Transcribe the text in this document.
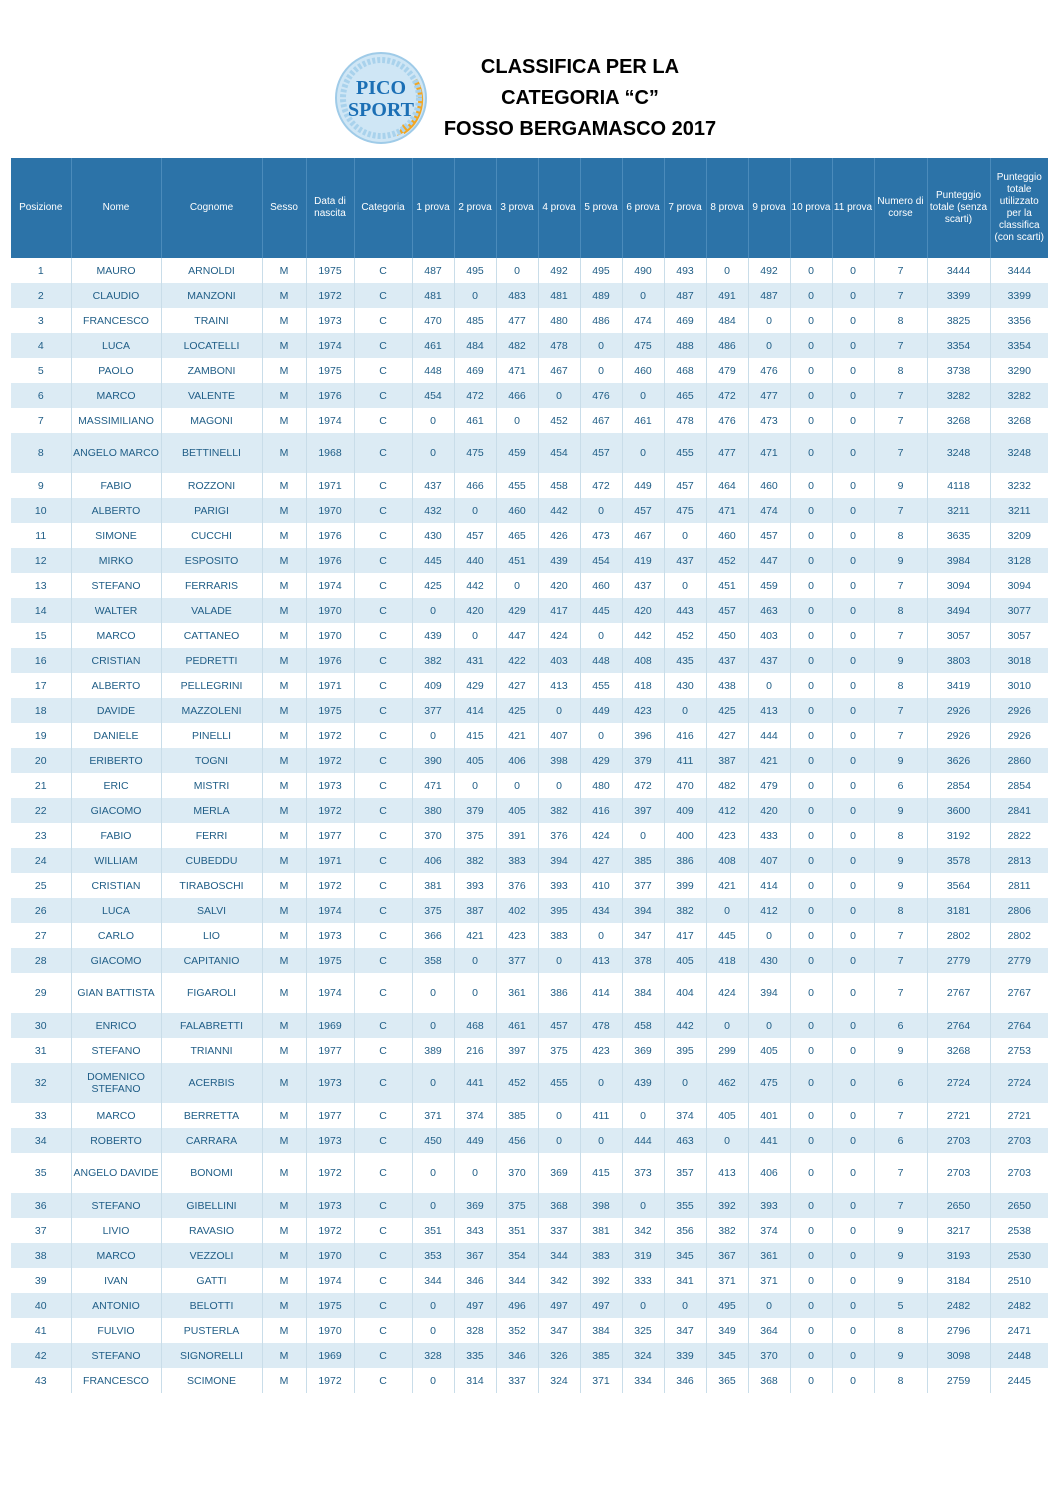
PICO
SPORT
CLASSIFICA PER LA
CATEGORIA “C”
FOSSO BERGAMASCO 2017
Posizione	Nome	Cognome	Sesso	Data di nascita	Categoria	1 prova	2 prova	3 prova	4 prova	5 prova	6 prova	7 prova	8 prova	9 prova	10 prova	11 prova	Numero di corse	Punteggio totale (senza scarti)	Punteggio totale utilizzato per la classifica (con scarti)
1	MAURO	ARNOLDI	M	1975	C	487	495	0	492	495	490	493	0	492	0	0	7	3444	3444
2	CLAUDIO	MANZONI	M	1972	C	481	0	483	481	489	0	487	491	487	0	0	7	3399	3399
3	FRANCESCO	TRAINI	M	1973	C	470	485	477	480	486	474	469	484	0	0	0	8	3825	3356
4	LUCA	LOCATELLI	M	1974	C	461	484	482	478	0	475	488	486	0	0	0	7	3354	3354
5	PAOLO	ZAMBONI	M	1975	C	448	469	471	467	0	460	468	479	476	0	0	8	3738	3290
6	MARCO	VALENTE	M	1976	C	454	472	466	0	476	0	465	472	477	0	0	7	3282	3282
7	MASSIMILIANO	MAGONI	M	1974	C	0	461	0	452	467	461	478	476	473	0	0	7	3268	3268
8	ANGELO MARCO	BETTINELLI	M	1968	C	0	475	459	454	457	0	455	477	471	0	0	7	3248	3248
9	FABIO	ROZZONI	M	1971	C	437	466	455	458	472	449	457	464	460	0	0	9	4118	3232
10	ALBERTO	PARIGI	M	1970	C	432	0	460	442	0	457	475	471	474	0	0	7	3211	3211
11	SIMONE	CUCCHI	M	1976	C	430	457	465	426	473	467	0	460	457	0	0	8	3635	3209
12	MIRKO	ESPOSITO	M	1976	C	445	440	451	439	454	419	437	452	447	0	0	9	3984	3128
13	STEFANO	FERRARIS	M	1974	C	425	442	0	420	460	437	0	451	459	0	0	7	3094	3094
14	WALTER	VALADE	M	1970	C	0	420	429	417	445	420	443	457	463	0	0	8	3494	3077
15	MARCO	CATTANEO	M	1970	C	439	0	447	424	0	442	452	450	403	0	0	7	3057	3057
16	CRISTIAN	PEDRETTI	M	1976	C	382	431	422	403	448	408	435	437	437	0	0	9	3803	3018
17	ALBERTO	PELLEGRINI	M	1971	C	409	429	427	413	455	418	430	438	0	0	0	8	3419	3010
18	DAVIDE	MAZZOLENI	M	1975	C	377	414	425	0	449	423	0	425	413	0	0	7	2926	2926
19	DANIELE	PINELLI	M	1972	C	0	415	421	407	0	396	416	427	444	0	0	7	2926	2926
20	ERIBERTO	TOGNI	M	1972	C	390	405	406	398	429	379	411	387	421	0	0	9	3626	2860
21	ERIC	MISTRI	M	1973	C	471	0	0	0	480	472	470	482	479	0	0	6	2854	2854
22	GIACOMO	MERLA	M	1972	C	380	379	405	382	416	397	409	412	420	0	0	9	3600	2841
23	FABIO	FERRI	M	1977	C	370	375	391	376	424	0	400	423	433	0	0	8	3192	2822
24	WILLIAM	CUBEDDU	M	1971	C	406	382	383	394	427	385	386	408	407	0	0	9	3578	2813
25	CRISTIAN	TIRABOSCHI	M	1972	C	381	393	376	393	410	377	399	421	414	0	0	9	3564	2811
26	LUCA	SALVI	M	1974	C	375	387	402	395	434	394	382	0	412	0	0	8	3181	2806
27	CARLO	LIO	M	1973	C	366	421	423	383	0	347	417	445	0	0	0	7	2802	2802
28	GIACOMO	CAPITANIO	M	1975	C	358	0	377	0	413	378	405	418	430	0	0	7	2779	2779
29	GIAN BATTISTA	FIGAROLI	M	1974	C	0	0	361	386	414	384	404	424	394	0	0	7	2767	2767
30	ENRICO	FALABRETTI	M	1969	C	0	468	461	457	478	458	442	0	0	0	0	6	2764	2764
31	STEFANO	TRIANNI	M	1977	C	389	216	397	375	423	369	395	299	405	0	0	9	3268	2753
32	DOMENICO STEFANO	ACERBIS	M	1973	C	0	441	452	455	0	439	0	462	475	0	0	6	2724	2724
33	MARCO	BERRETTA	M	1977	C	371	374	385	0	411	0	374	405	401	0	0	7	2721	2721
34	ROBERTO	CARRARA	M	1973	C	450	449	456	0	0	444	463	0	441	0	0	6	2703	2703
35	ANGELO DAVIDE	BONOMI	M	1972	C	0	0	370	369	415	373	357	413	406	0	0	7	2703	2703
36	STEFANO	GIBELLINI	M	1973	C	0	369	375	368	398	0	355	392	393	0	0	7	2650	2650
37	LIVIO	RAVASIO	M	1972	C	351	343	351	337	381	342	356	382	374	0	0	9	3217	2538
38	MARCO	VEZZOLI	M	1970	C	353	367	354	344	383	319	345	367	361	0	0	9	3193	2530
39	IVAN	GATTI	M	1974	C	344	346	344	342	392	333	341	371	371	0	0	9	3184	2510
40	ANTONIO	BELOTTI	M	1975	C	0	497	496	497	497	0	0	495	0	0	0	5	2482	2482
41	FULVIO	PUSTERLA	M	1970	C	0	328	352	347	384	325	347	349	364	0	0	8	2796	2471
42	STEFANO	SIGNORELLI	M	1969	C	328	335	346	326	385	324	339	345	370	0	0	9	3098	2448
43	FRANCESCO	SCIMONE	M	1972	C	0	314	337	324	371	334	346	365	368	0	0	8	2759	2445
